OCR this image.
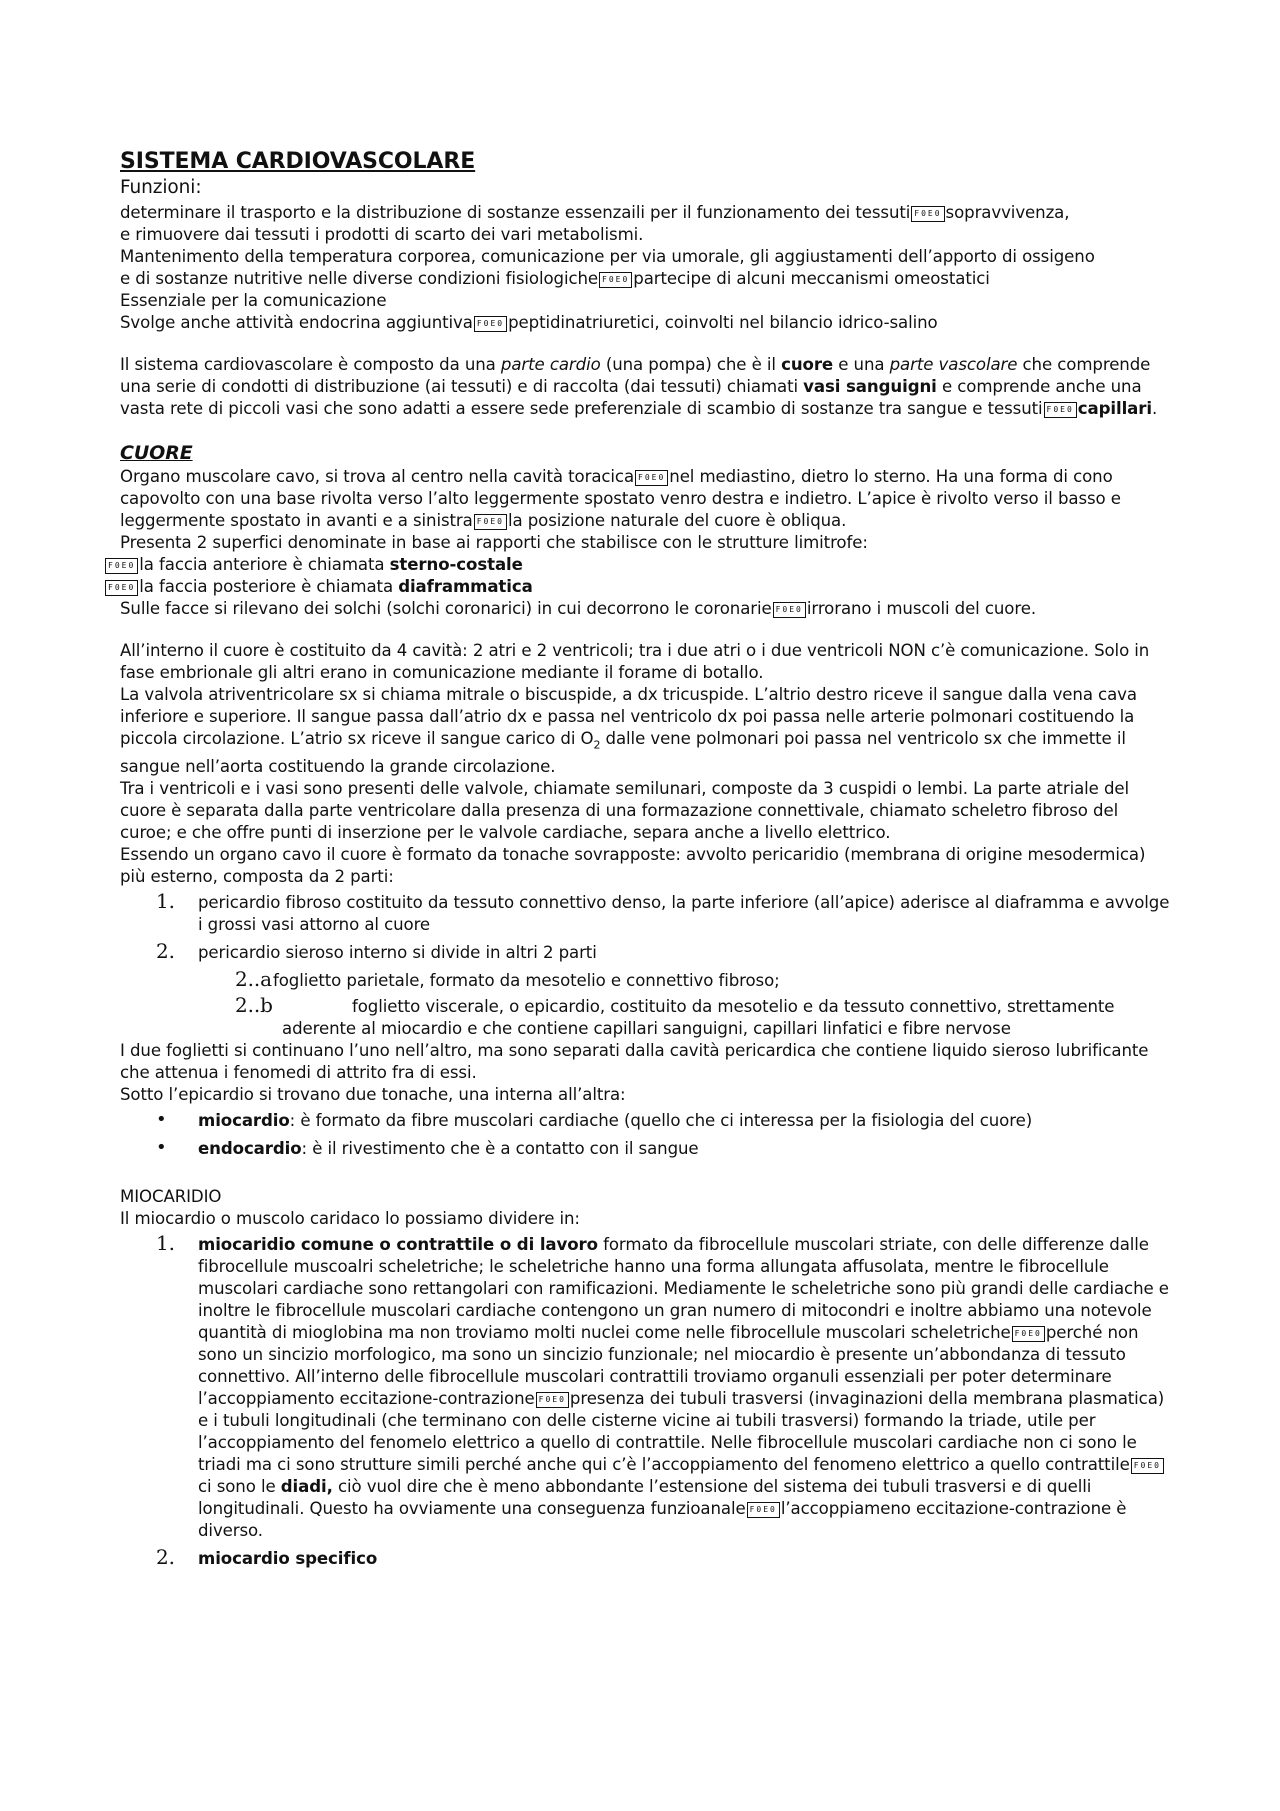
SISTEMA CARDIOVASCOLARE

Funzioni:

determinare il trasporto e la distribuzione di sostanze essenzaili per il funzionamento dei tessuti F0E0 sopravvivenza,

e rimuovere dai tessuti i prodotti di scarto dei vari metabolismi.

Mantenimento della temperatura corporea, comunicazione per via umorale, gli aggiustamenti dell’apporto di ossigeno

e di sostanze nutritive nelle diverse condizioni fisiologiche F0E0 partecipe di alcuni meccanismi omeostatici

Essenziale per la comunicazione

Svolge anche attività endocrina aggiuntiva F0E0 peptidinatriuretici, coinvolti nel bilancio idrico-salino

Il sistema cardiovascolare è composto da una parte cardio (una pompa) che è il cuore e una parte vascolare che comprende una serie di condotti di distribuzione (ai tessuti) e di raccolta (dai tessuti) chiamati vasi sanguigni e comprende anche una vasta rete di piccoli vasi che sono adatti a essere sede preferenziale di scambio di sostanze tra sangue e tessuti F0E0 capillari.

CUORE

Organo muscolare cavo, si trova al centro nella cavità toracica F0E0 nel mediastino, dietro lo sterno. Ha una forma di cono capovolto con una base rivolta verso l’alto leggermente spostato venro destra e indietro. L’apice è rivolto verso il basso e leggermente spostato in avanti e a sinistra F0E0 la posizione naturale del cuore è obliqua.

Presenta 2 superfici denominate in base ai rapporti che stabilisce con le strutture limitrofe:

F0E0 la faccia anteriore è chiamata sterno-costale

F0E0 la faccia posteriore è chiamata diaframmatica

Sulle facce si rilevano dei solchi (solchi coronarici) in cui decorrono le coronarie F0E0 irrorano i muscoli del cuore.

All’interno il cuore è costituito da 4 cavità: 2 atri e 2 ventricoli; tra i due atri o i due ventricoli NON c’è comunicazione. Solo in fase embrionale gli altri erano in comunicazione mediante il forame di botallo.

La valvola atriventricolare sx si chiama mitrale o biscuspide, a dx tricuspide. L’altrio destro riceve il sangue dalla vena cava inferiore e superiore. Il sangue passa dall’atrio dx e passa nel ventricolo dx poi passa nelle arterie polmonari costituendo la piccola circolazione. L’atrio sx riceve il sangue carico di $O_2$ dalle vene polmonari poi passa nel ventricolo sx che immette il sangue nell’aorta costituendo la grande circolazione.

Tra i ventricoli e i vasi sono presenti delle valvole, chiamate semilunari, composte da 3 cuspidi o lembi. La parte atriale del cuore è separata dalla parte ventricolare dalla presenza di una formazazione connettivale, chiamato scheletro fibroso del curoe; e che offre punti di inserzione per le valvole cardiache, separa anche a livello elettrico.

Essendo un organo cavo il cuore è formato da tonache sovrapposte: avvolto pericaridio (membrana di origine mesodermica) più esterno, composta da 2 parti:

1. pericardio fibroso costituito da tessuto connettivo denso, la parte inferiore (all’apice) aderisce al diaframma e avvolge i grossi vasi attorno al cuore
2. pericardio sieroso interno si divide in altri 2 parti
2..a foglietto parietale, formato da mesotelio e connettivo fibroso;
2..b	foglietto viscerale, o epicardio, costituito da mesotelio e da tessuto connettivo, strettamente
aderente al miocardio e che contiene capillari sanguigni, capillari linfatici e fibre nervose

I due foglietti si continuano l’uno nell’altro, ma sono separati dalla cavità pericardica che contiene liquido sieroso lubrificante che attenua i fenomedi di attrito fra di essi.

Sotto l’epicardio si trovano due tonache, una interna all’altra:

• miocardio: è formato da fibre muscolari cardiache (quello che ci interessa per la fisiologia del cuore)
• endocardio: è il rivestimento che è a contatto con il sangue

MIOCARIDIO

Il miocardio o muscolo caridaco lo possiamo dividere in:

1. miocaridio comune o contrattile o di lavoro formato da fibrocellule muscolari striate, con delle differenze dalle fibrocellule muscoalri scheletriche; le scheletriche hanno una forma allungata affusolata, mentre le fibrocellule muscolari cardiache sono rettangolari con ramificazioni. Mediamente le scheletriche sono più grandi delle cardiache e inoltre le fibrocellule muscolari cardiache contengono un gran numero di mitocondri e inoltre abbiamo una notevole quantità di mioglobina ma non troviamo molti nuclei come nelle fibrocellule muscolari scheletriche F0E0 perché non sono un sincizio morfologico, ma sono un sincizio funzionale; nel miocardio è presente un’abbondanza di tessuto connettivo. All’interno delle fibrocellule muscolari contrattili troviamo organuli essenziali per poter determinare l’accoppiamento eccitazione-contrazione F0E0 presenza dei tubuli trasversi (invaginazioni della membrana plasmatica) e i tubuli longitudinali (che terminano con delle cisterne vicine ai tubili trasversi) formando la triade, utile per l’accoppiamento del fenomelo elettrico a quello di contrattile. Nelle fibrocellule muscolari cardiache non ci sono le triadi ma ci sono strutture simili perché anche qui c’è l’accoppiamento del fenomeno elettrico a quello contrattile F0E0ci sono le diadi, ciò vuol dire che è meno abbondante l’estensione del sistema dei tubuli trasversi e di quelli longitudinali. Questo ha ovviamente una conseguenza funzioanale F0E0 l’accoppiameno eccitazione-contrazione è diverso.
2. miocardio specifico
